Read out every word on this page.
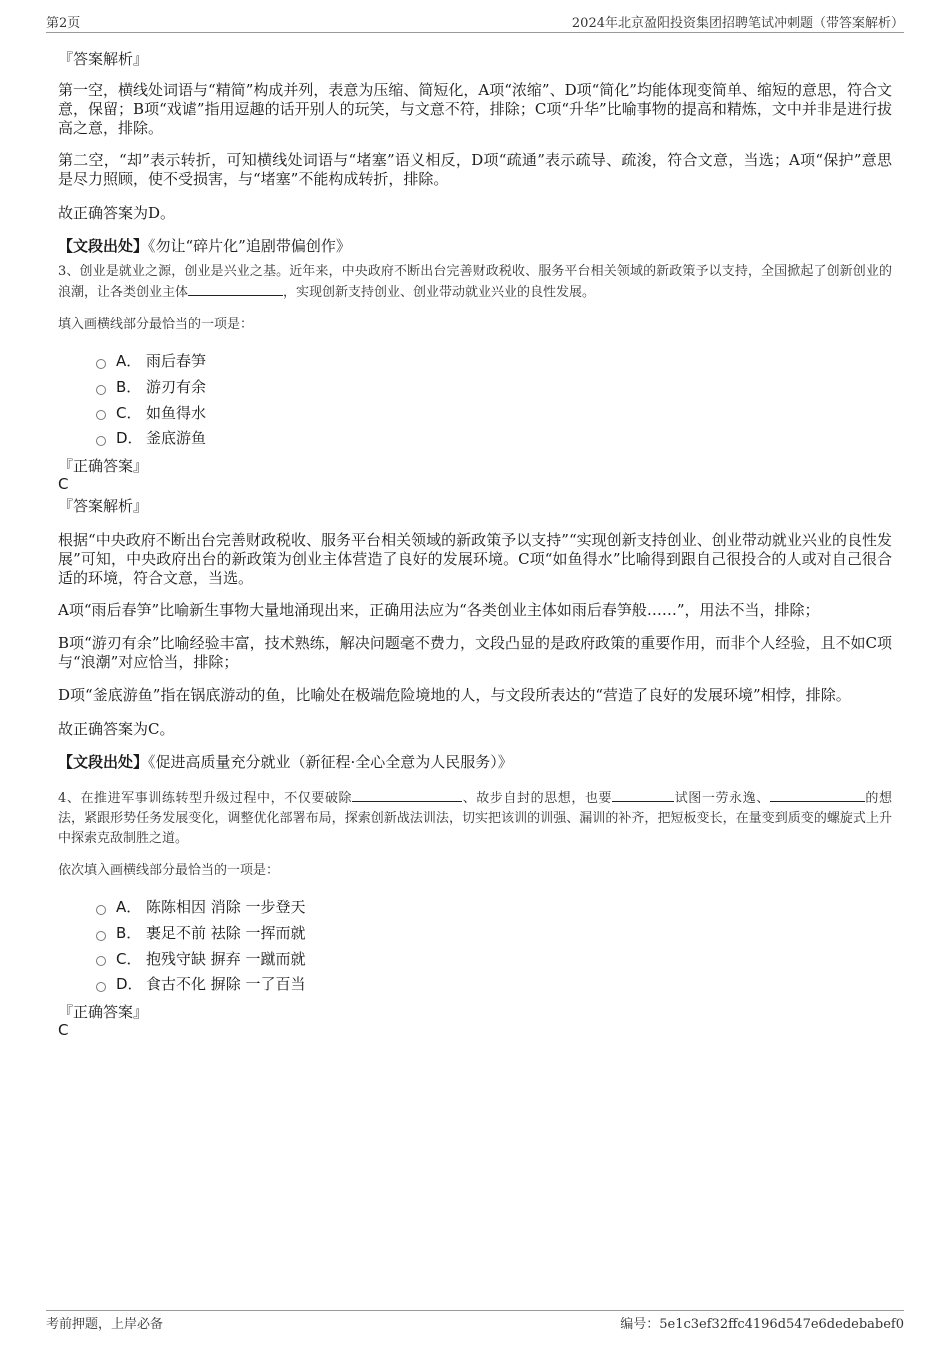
第2页	2024年北京盈阳投资集团招聘笔试冲刺题（带答案解析）
『答案解析』
第一空，横线处词语与“精简”构成并列，表意为压缩、简短化，A项“浓缩”、D项“简化”均能体现变简单、缩短的意思，符合文意，保留；B项“戏谑”指用逗趣的话开别人的玩笑，与文意不符，排除；C项“升华”比喻事物的提高和精炼，文中并非是进行拔高之意，排除。
第二空，“却”表示转折，可知横线处词语与“堵塞”语义相反，D项“疏通”表示疏导、疏浚，符合文意，当选；A项“保护”意思是尽力照顾，使不受损害，与“堵塞”不能构成转折，排除。
故正确答案为D。
【文段出处】《勿让“碎片化”追剧带偏创作》
3、创业是就业之源，创业是兴业之基。近年来，中央政府不断出台完善财政税收、服务平台相关领域的新政策予以支持，全国掀起了创新创业的浪潮，让各类创业主体	，实现创新支持创业、创业带动就业兴业的良性发展。
填入画横线部分最恰当的一项是：
A． 雨后春笋
B． 游刃有余
C． 如鱼得水
D． 釜底游鱼
『正确答案』
C
『答案解析』
根据“中央政府不断出台完善财政税收、服务平台相关领域的新政策予以支持”“实现创新支持创业、创业带动就业兴业的良性发展”可知，中央政府出台的新政策为创业主体营造了良好的发展环境。C项“如鱼得水”比喻得到跟自己很投合的人或对自己很合适的环境，符合文意，当选。
A项“雨后春笋”比喻新生事物大量地涌现出来，正确用法应为“各类创业主体如雨后春笋般……”，用法不当，排除；
B项“游刃有余”比喻经验丰富，技术熟练，解决问题毫不费力，文段凸显的是政府政策的重要作用，而非个人经验，且不如C项与“浪潮”对应恰当，排除；
D项“釜底游鱼”指在锅底游动的鱼，比喻处在极端危险境地的人，与文段所表达的“营造了良好的发展环境”相悖，排除。
故正确答案为C。
【文段出处】《促进高质量充分就业（新征程·全心全意为人民服务）》
4、在推进军事训练转型升级过程中，不仅要破除	、故步自封的思想，也要	试图一劳永逸、	的想法，紧跟形势任务发展变化，调整优化部署布局，探索创新战法训法，切实把该训的训强、漏训的补齐，把短板变长，在量变到质变的螺旋式上升中探索克敌制胜之道。
依次填入画横线部分最恰当的一项是：
A． 陈陈相因 消除 一步登天
B． 裹足不前 祛除 一挥而就
C． 抱残守缺 摒弃 一蹴而就
D． 食古不化 摒除 一了百当
『正确答案』
C
考前押题，上岸必备	编号：5e1c3ef32ffc4196d547e6dedebabef0
